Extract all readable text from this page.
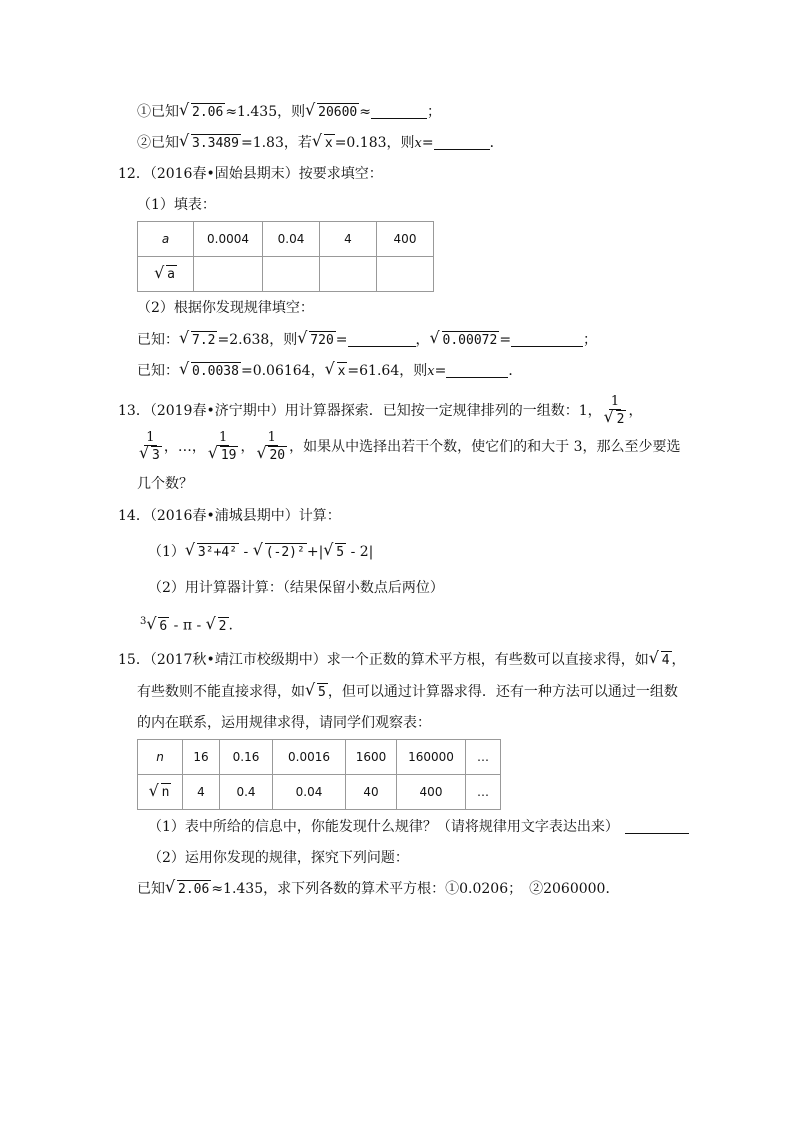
①已知 √ 2.06 ≈1.435，则 √ 20600 ≈	；
②已知 √ 3.3489 =1.83，若 √ x =0.183，则x=	．
12．（2016春•固始县期末）按要求填空：
（1）填表：
a	0.0004	0.04	4	400
√ a				
（2）根据你发现规律填空：
已知： √ 7.2 =2.638，则 √ 720 =	， √ 0.00072 =	；
已知： √ 0.0038 =0.06164， √ x =61.64，则x=	．
13．（2019春•济宁期中）用计算器探索．已知按一定规律排列的一组数：1， 1
√ 2 ，
1
√ 3 ，…， 1
√ 19 ， 1
√ 20 ，如果从中选择出若干个数，使它们的和大于 3，那么至少要选
几个数？
14．（2016春•浦城县期中）计算：
（1） √ 3²+4² - √ (-2)² +| √ 5 - 2|
（2）用计算器计算：（结果保留小数点后两位）
$^3$ √ 6 - π - √ 2 .
15．（2017秋•靖江市校级期中）求一个正数的算术平方根，有些数可以直接求得，如 √ 4 ，
有些数则不能直接求得，如 √ 5 ，但可以通过计算器求得．还有一种方法可以通过一组数
的内在联系，运用规律求得，请同学们观察表：
n	16	0.16	0.0016	1600	160000	…
√ n	4	0.4	0.04	40	400	…
（1）表中所给的信息中，你能发现什么规律？（请将规律用文字表达出来）
（2）运用你发现的规律，探究下列问题：
已知 √ 2.06 ≈1.435，求下列各数的算术平方根：①0.0206；　②2060000．
